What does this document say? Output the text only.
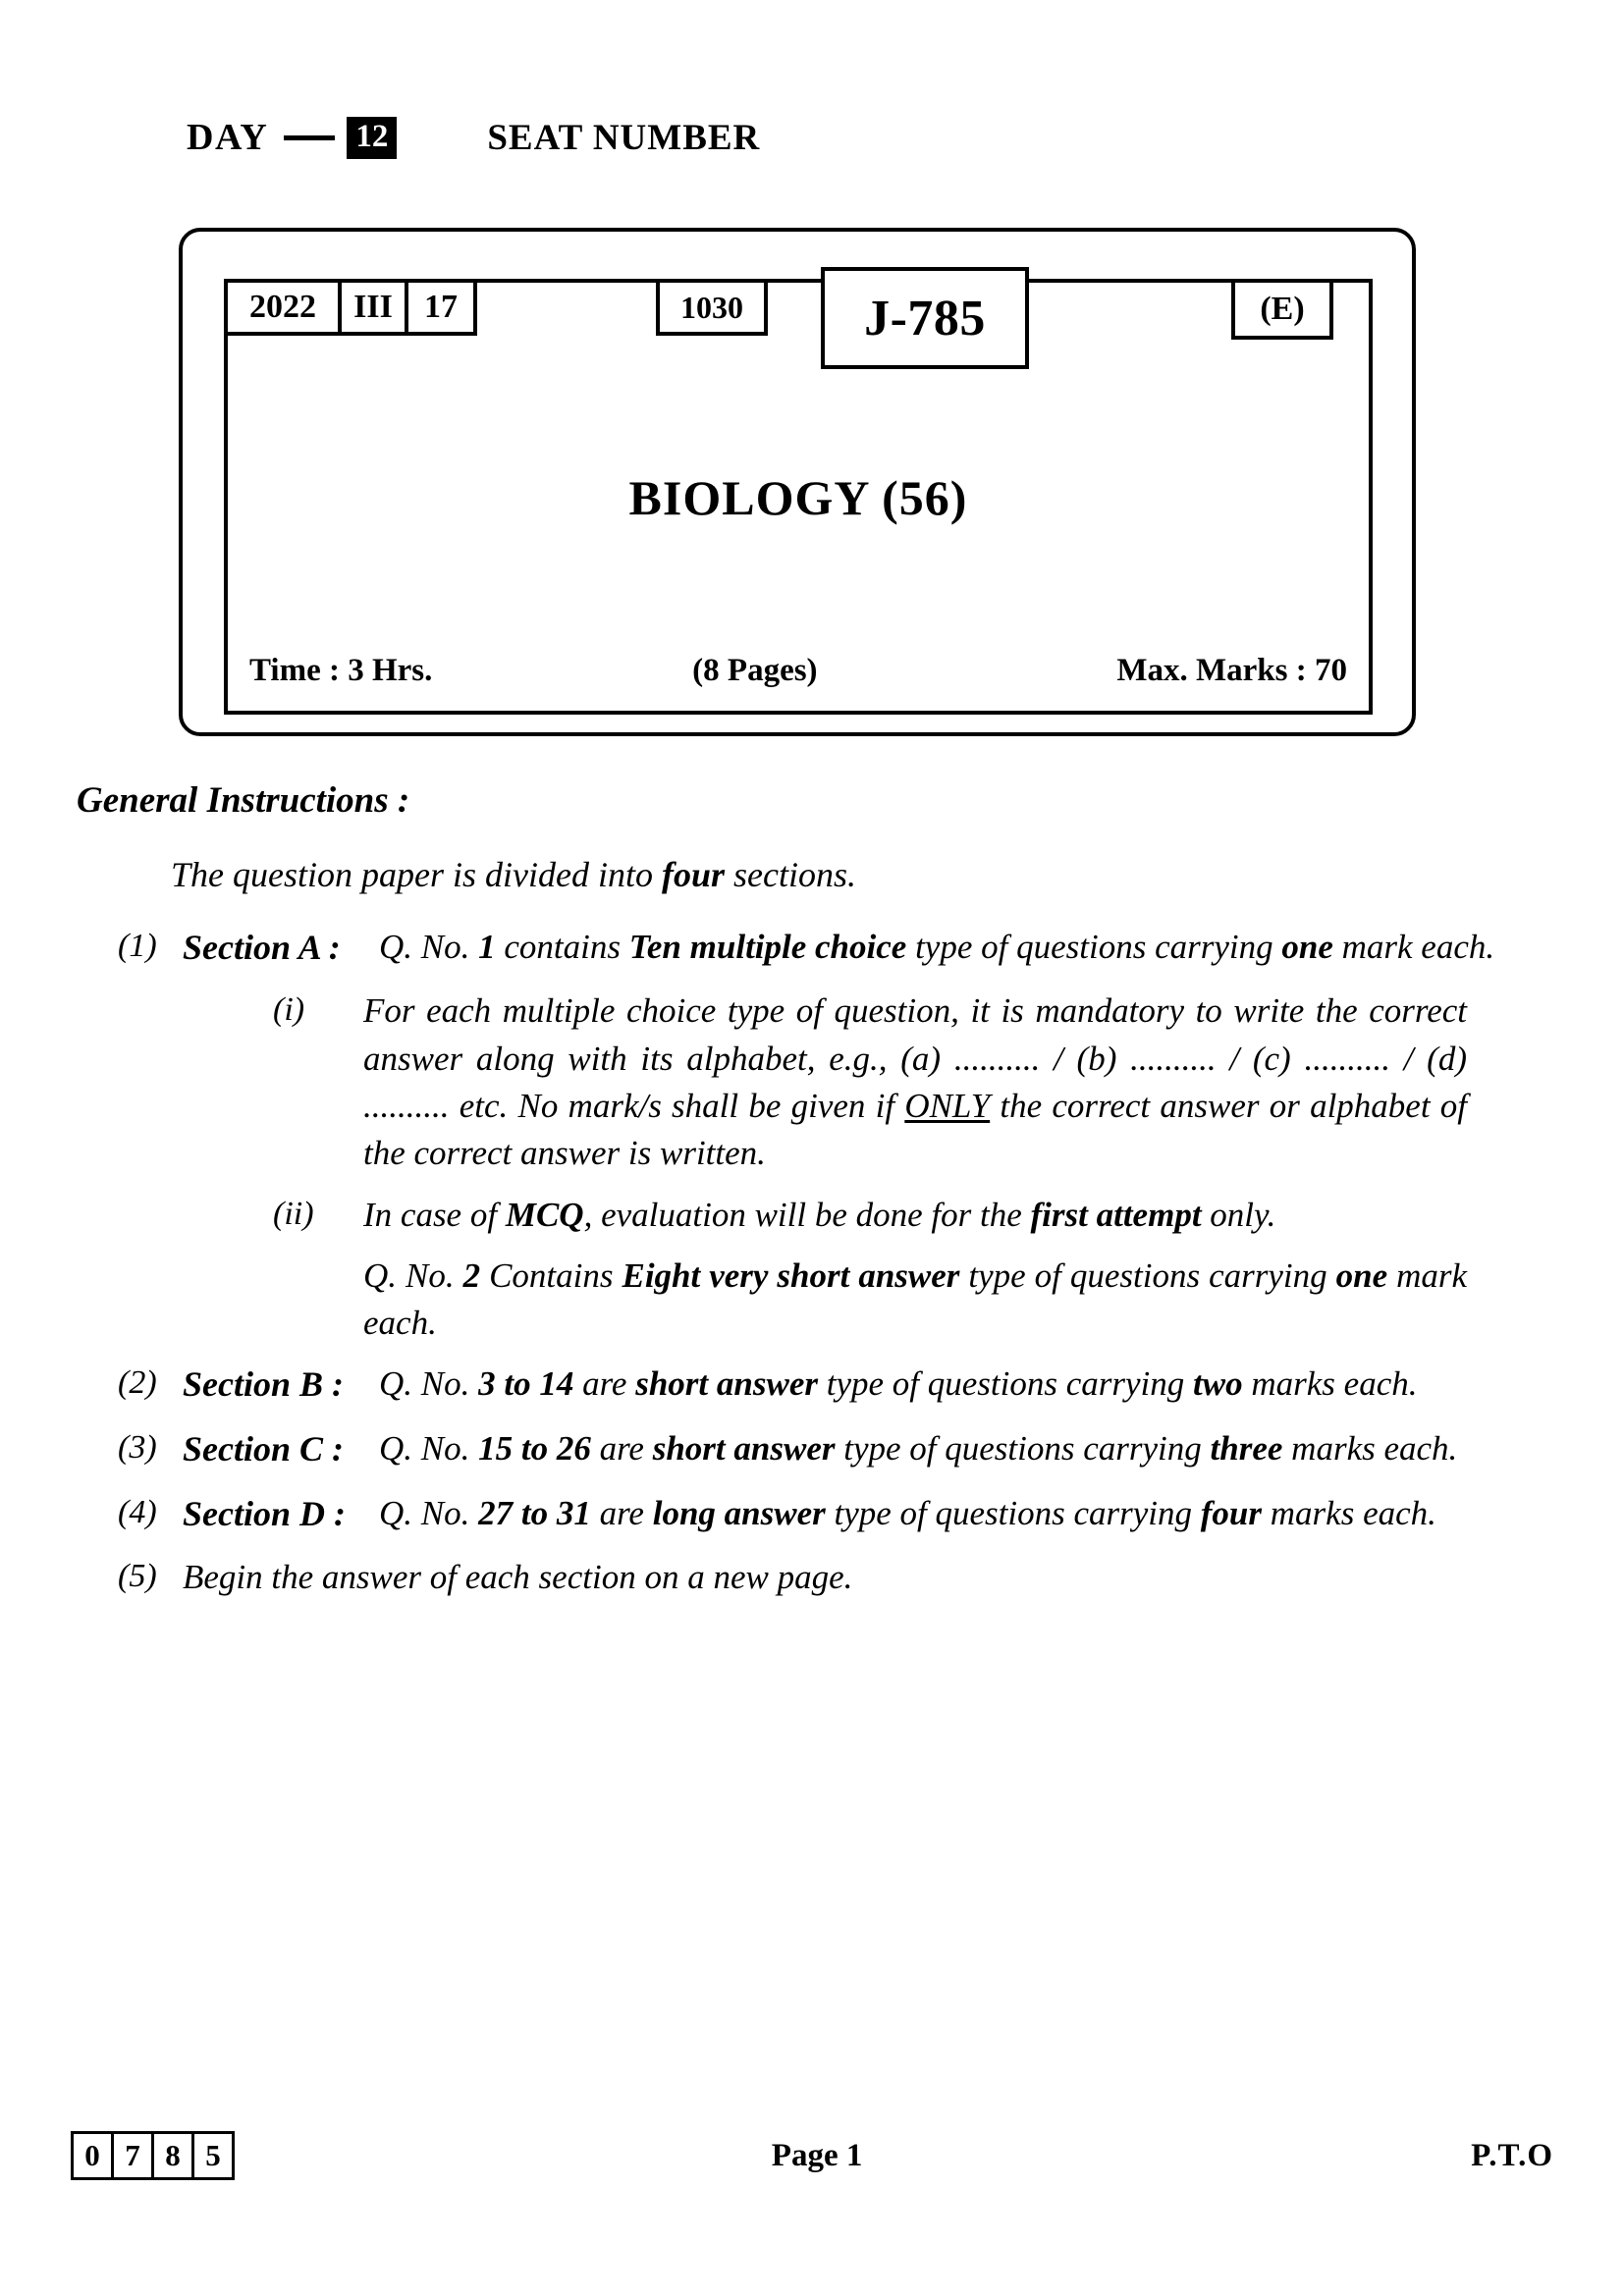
DAY	12	SEAT NUMBER
2022	III 17	1030	J-785	(E)
BIOLOGY (56)
Time : 3 Hrs.	(8 Pages)	Max. Marks : 70
General Instructions :
The question paper is divided into four sections.
(1) Section A :	Q. No. 1 contains Ten multiple choice type of questions carrying one mark each.
(i)	For each multiple choice type of question, it is mandatory to write the correct answer along with its alphabet, e.g., (a) .......... / (b) .......... / (c) .......... / (d) .......... etc. No mark/s shall be given if ONLY the correct answer or alphabet of the correct answer is written.
(ii)	In case of MCQ, evaluation will be done for the first attempt only.
Q. No. 2 Contains Eight very short answer type of questions carrying one mark each.
(2) Section B :	Q. No. 3 to 14 are short answer type of questions carrying two marks each.
(3) Section C :	Q. No. 15 to 26 are short answer type of questions carrying three marks each.
(4) Section D : Q. No. 27 to 31 are long answer type of questions carrying four marks each.
(5) Begin the answer of each section on a new page.
0 7 8 5	Page 1	P.T.O
